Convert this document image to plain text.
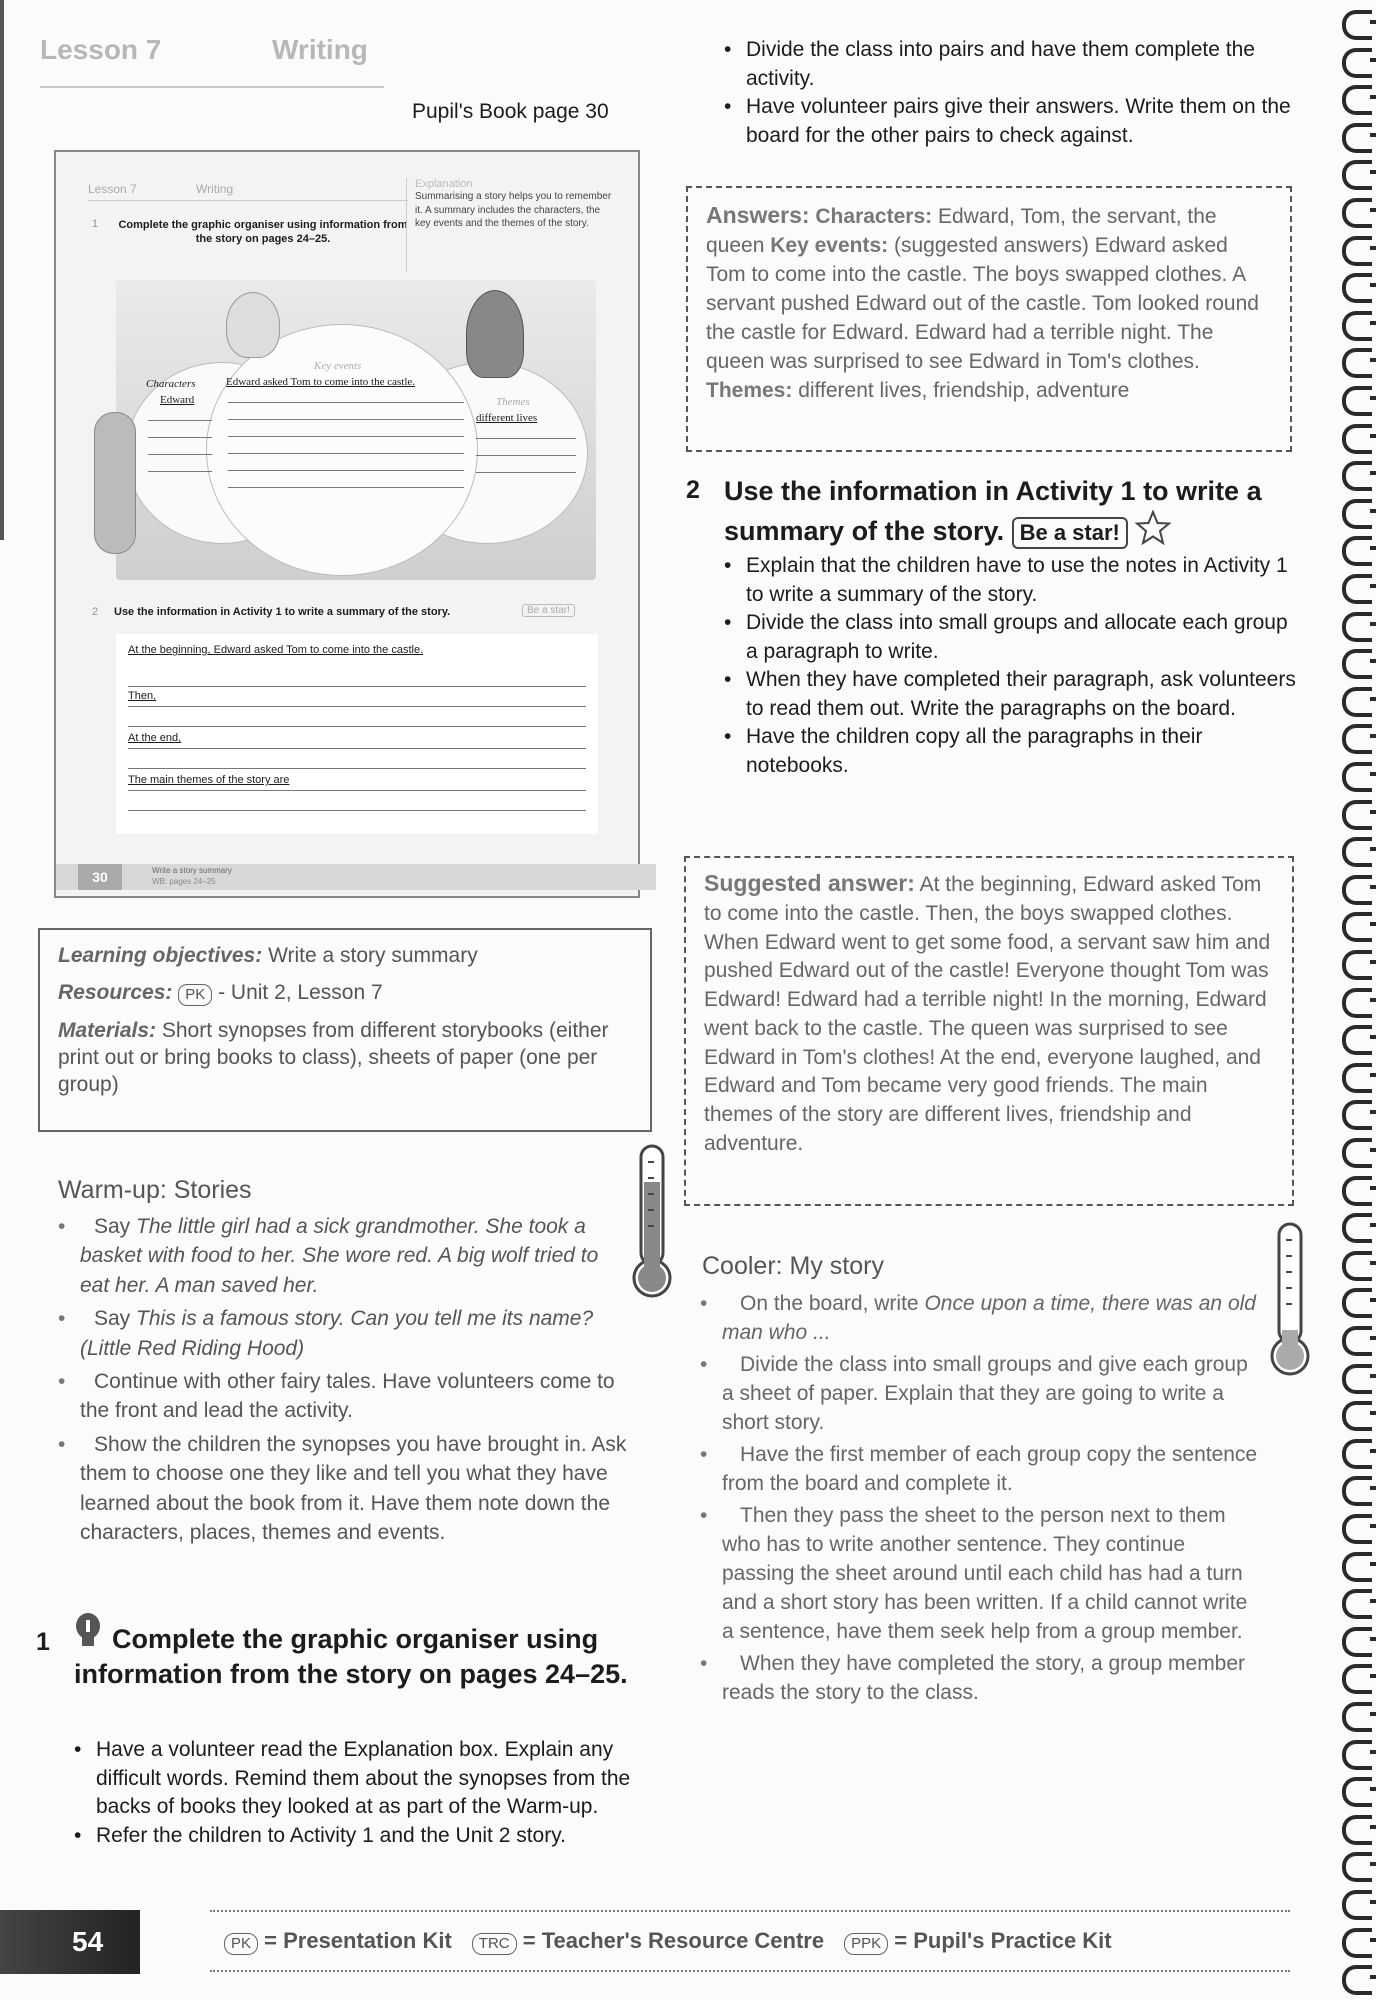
Lesson 7	Writing
Pupil's Book page 30
Lesson 7	Writing
1 Complete the graphic organiser using information from the story on pages 24–25.
Explanation
Summarising a story helps you to remember it. A summary includes the characters, the key events and the themes of the story.
Key events
Characters
Edward
Edward asked Tom to come into the castle.
Themes
different lives
2 Use the information in Activity 1 to write a summary of the story.	Be a star!
At the beginning, Edward asked Tom to come into the castle.
Then,
At the end,
The main themes of the story are
30	Write a story summary
WB: pages 24–25
Learning objectives: Write a story summary
Resources: PK - Unit 2, Lesson 7
Materials: Short synopses from different storybooks (either print out or bring books to class), sheets of paper (one per group)
Warm-up: Stories
• Say The little girl had a sick grandmother. She took a basket with food to her. She wore red. A big wolf tried to eat her. A man saved her.
• Say This is a famous story. Can you tell me its name? (Little Red Riding Hood)
• Continue with other fairy tales. Have volunteers come to the front and lead the activity.
• Show the children the synopses you have brought in. Ask them to choose one they like and tell you what they have learned about the book from it. Have them note down the characters, places, themes and events.
1	Complete the graphic organiser using information from the story on pages 24–25.
• Have a volunteer read the Explanation box. Explain any difficult words. Remind them about the synopses from the backs of books they looked at as part of the Warm-up.
• Refer the children to Activity 1 and the Unit 2 story.
• Divide the class into pairs and have them complete the activity.
• Have volunteer pairs give their answers. Write them on the board for the other pairs to check against.
Answers: Characters: Edward, Tom, the servant, the queen Key events: (suggested answers) Edward asked Tom to come into the castle. The boys swapped clothes. A servant pushed Edward out of the castle. Tom looked round the castle for Edward. Edward had a terrible night. The queen was surprised to see Edward in Tom's clothes. Themes: different lives, friendship, adventure
2 Use the information in Activity 1 to write a summary of the story. Be a star!
• Explain that the children have to use the notes in Activity 1 to write a summary of the story.
• Divide the class into small groups and allocate each group a paragraph to write.
• When they have completed their paragraph, ask volunteers to read them out. Write the paragraphs on the board.
• Have the children copy all the paragraphs in their notebooks.
Suggested answer: At the beginning, Edward asked Tom to come into the castle. Then, the boys swapped clothes. When Edward went to get some food, a servant saw him and pushed Edward out of the castle! Everyone thought Tom was Edward! Edward had a terrible night! In the morning, Edward went back to the castle. The queen was surprised to see Edward in Tom's clothes! At the end, everyone laughed, and Edward and Tom became very good friends. The main themes of the story are different lives, friendship and adventure.
Cooler: My story
• On the board, write Once upon a time, there was an old man who ...
• Divide the class into small groups and give each group a sheet of paper. Explain that they are going to write a short story.
• Have the first member of each group copy the sentence from the board and complete it.
• Then they pass the sheet to the person next to them who has to write another sentence. They continue passing the sheet around until each child has had a turn and a short story has been written. If a child cannot write a sentence, have them seek help from a group member.
• When they have completed the story, a group member reads the story to the class.
54	PK = Presentation Kit	TRC = Teacher's Resource Centre	PPK = Pupil's Practice Kit
